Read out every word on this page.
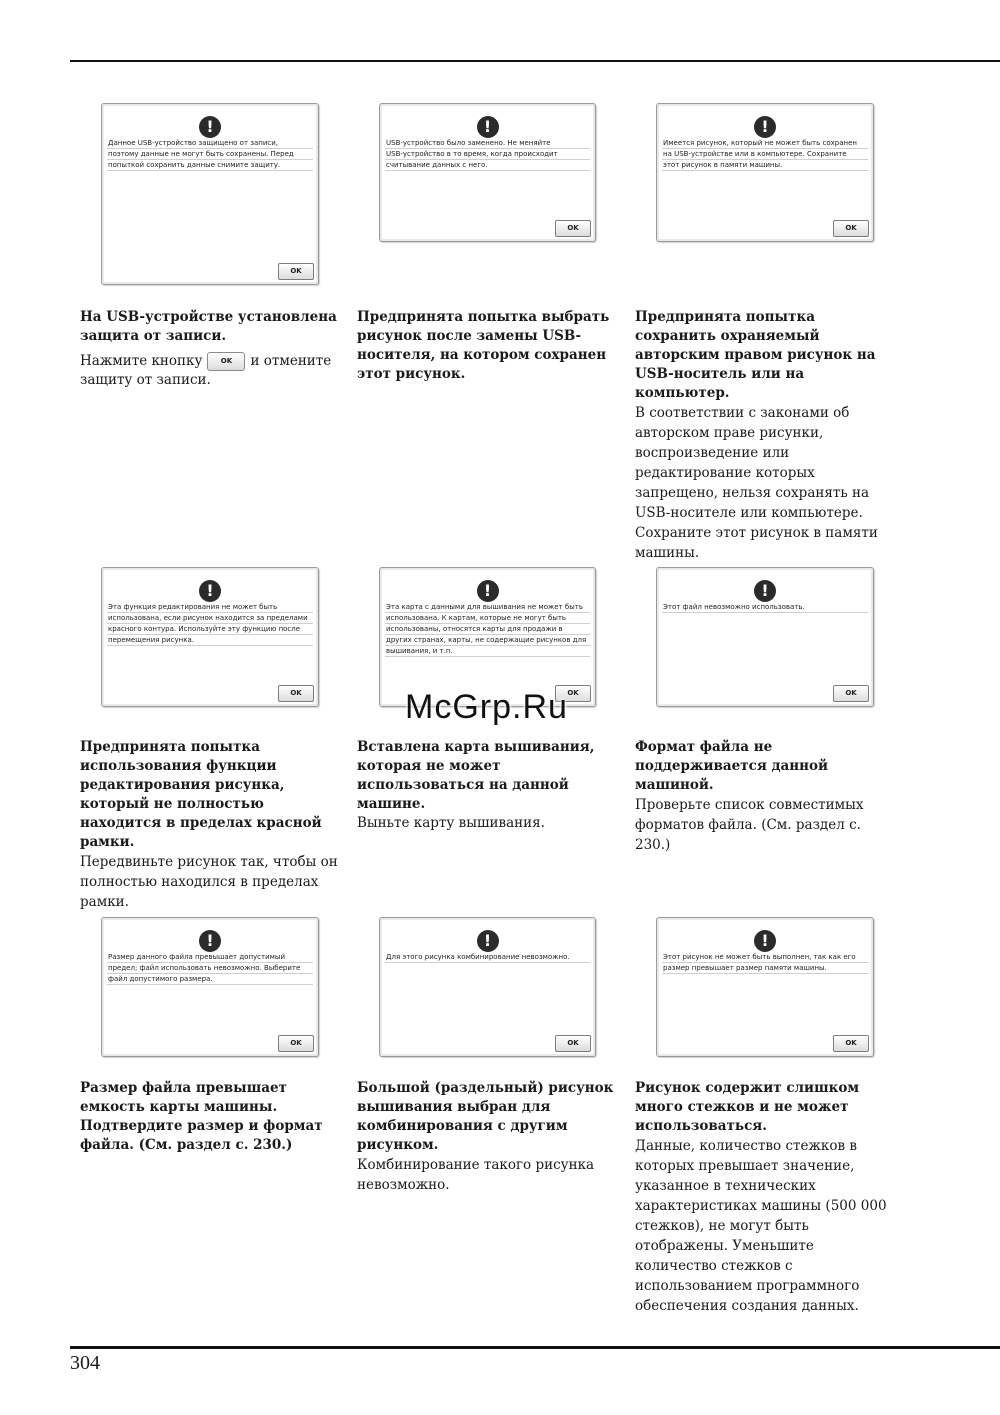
!
Данное USB-устройство защищено от записи,
поэтому данные не могут быть сохранены. Перед
попыткой сохранить данные снимите защиту.
OK
!
USB-устройство было заменено. Не меняйте
USB-устройство в то время, когда происходит
считывание данных с него.
OK
!
Имеется рисунок, который не может быть сохранен
на USB-устройстве или в компьютере. Сохраните
этот рисунок в памяти машины.
OK
На USB-устройстве установлена защита от записи.
Нажмите кнопку	OK и отмените защиту от записи.
Предпринята попытка выбрать рисунок после замены USB-носителя, на котором сохранен этот рисунок.
Предпринята попытка сохранить охраняемый авторским правом рисунок на USB-носитель или на компьютер.
В соответствии с законами об авторском праве рисунки, воспроизведение или редактирование которых запрещено, нельзя сохранять на USB-носителе или компьютере. Сохраните этот рисунок в памяти машины.
!
Эта функция редактирования не может быть
использована, если рисунок находится за пределами
красного контура. Используйте эту функцию после
перемещения рисунка.
OK
!
Эта карта с данными для вышивания не может быть
использована. К картам, которые не могут быть
использованы, относятся карты для продажи в
других странах, карты, не содержащие рисунков для
вышивания, и т.п.
OK
!
Этот файл невозможно использовать.
OK
McGrp.Ru
Предпринята попытка использования функции редактирования рисунка, который не полностью находится в пределах красной рамки.
Передвиньте рисунок так, чтобы он полностью находился в пределах рамки.
Вставлена карта вышивания, которая не может использоваться на данной машине.
Выньте карту вышивания.
Формат файла не поддерживается данной машиной.
Проверьте список совместимых форматов файла. (См. раздел с. 230.)
!
Размер данного файла превышает допустимый
предел; файл использовать невозможно. Выберите
файл допустимого размера.
OK
!
Для этого рисунка комбинирование невозможно.
OK
!
Этот рисунок не может быть выполнен, так как его
размер превышает размер памяти машины.
OK
Размер файла превышает емкость карты машины.
Подтвердите размер и формат файла. (См. раздел с. 230.)
Большой (раздельный) рисунок вышивания выбран для комбинирования с другим рисунком.
Комбинирование такого рисунка невозможно.
Рисунок содержит слишком много стежков и не может использоваться.
Данные, количество стежков в которых превышает значение, указанное в технических характеристиках машины (500 000 стежков), не могут быть отображены. Уменьшите количество стежков с использованием программного обеспечения создания данных.
304
